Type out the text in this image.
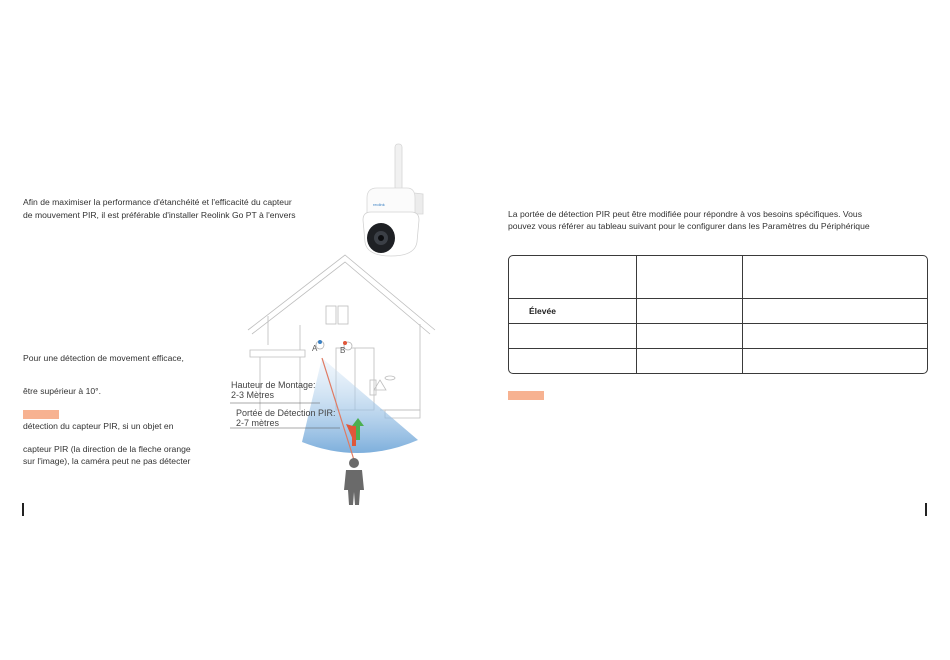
Afin de maximiser la performance d'étanchéité et l'efficacité du capteur
de mouvement PIR, il est préférable d'installer Reolink Go PT à l'envers
Pour une détection de movement efficace,
être supérieur à 10°.
détection du capteur PIR, si un objet en
capteur PIR (la direction de la fleche orange
sur l'image), la caméra peut ne pas détecter
reolink
A	B
Hauteur de Montage:
2-3 Mètres
Portée de Détection PIR:
2-7 mètres
La portée de détection PIR peut être modifiée pour répondre à vos besoins spécifiques. Vous
pouvez vous référer au tableau suivant pour le configurer dans les Paramètres du Périphérique

Élevée		
